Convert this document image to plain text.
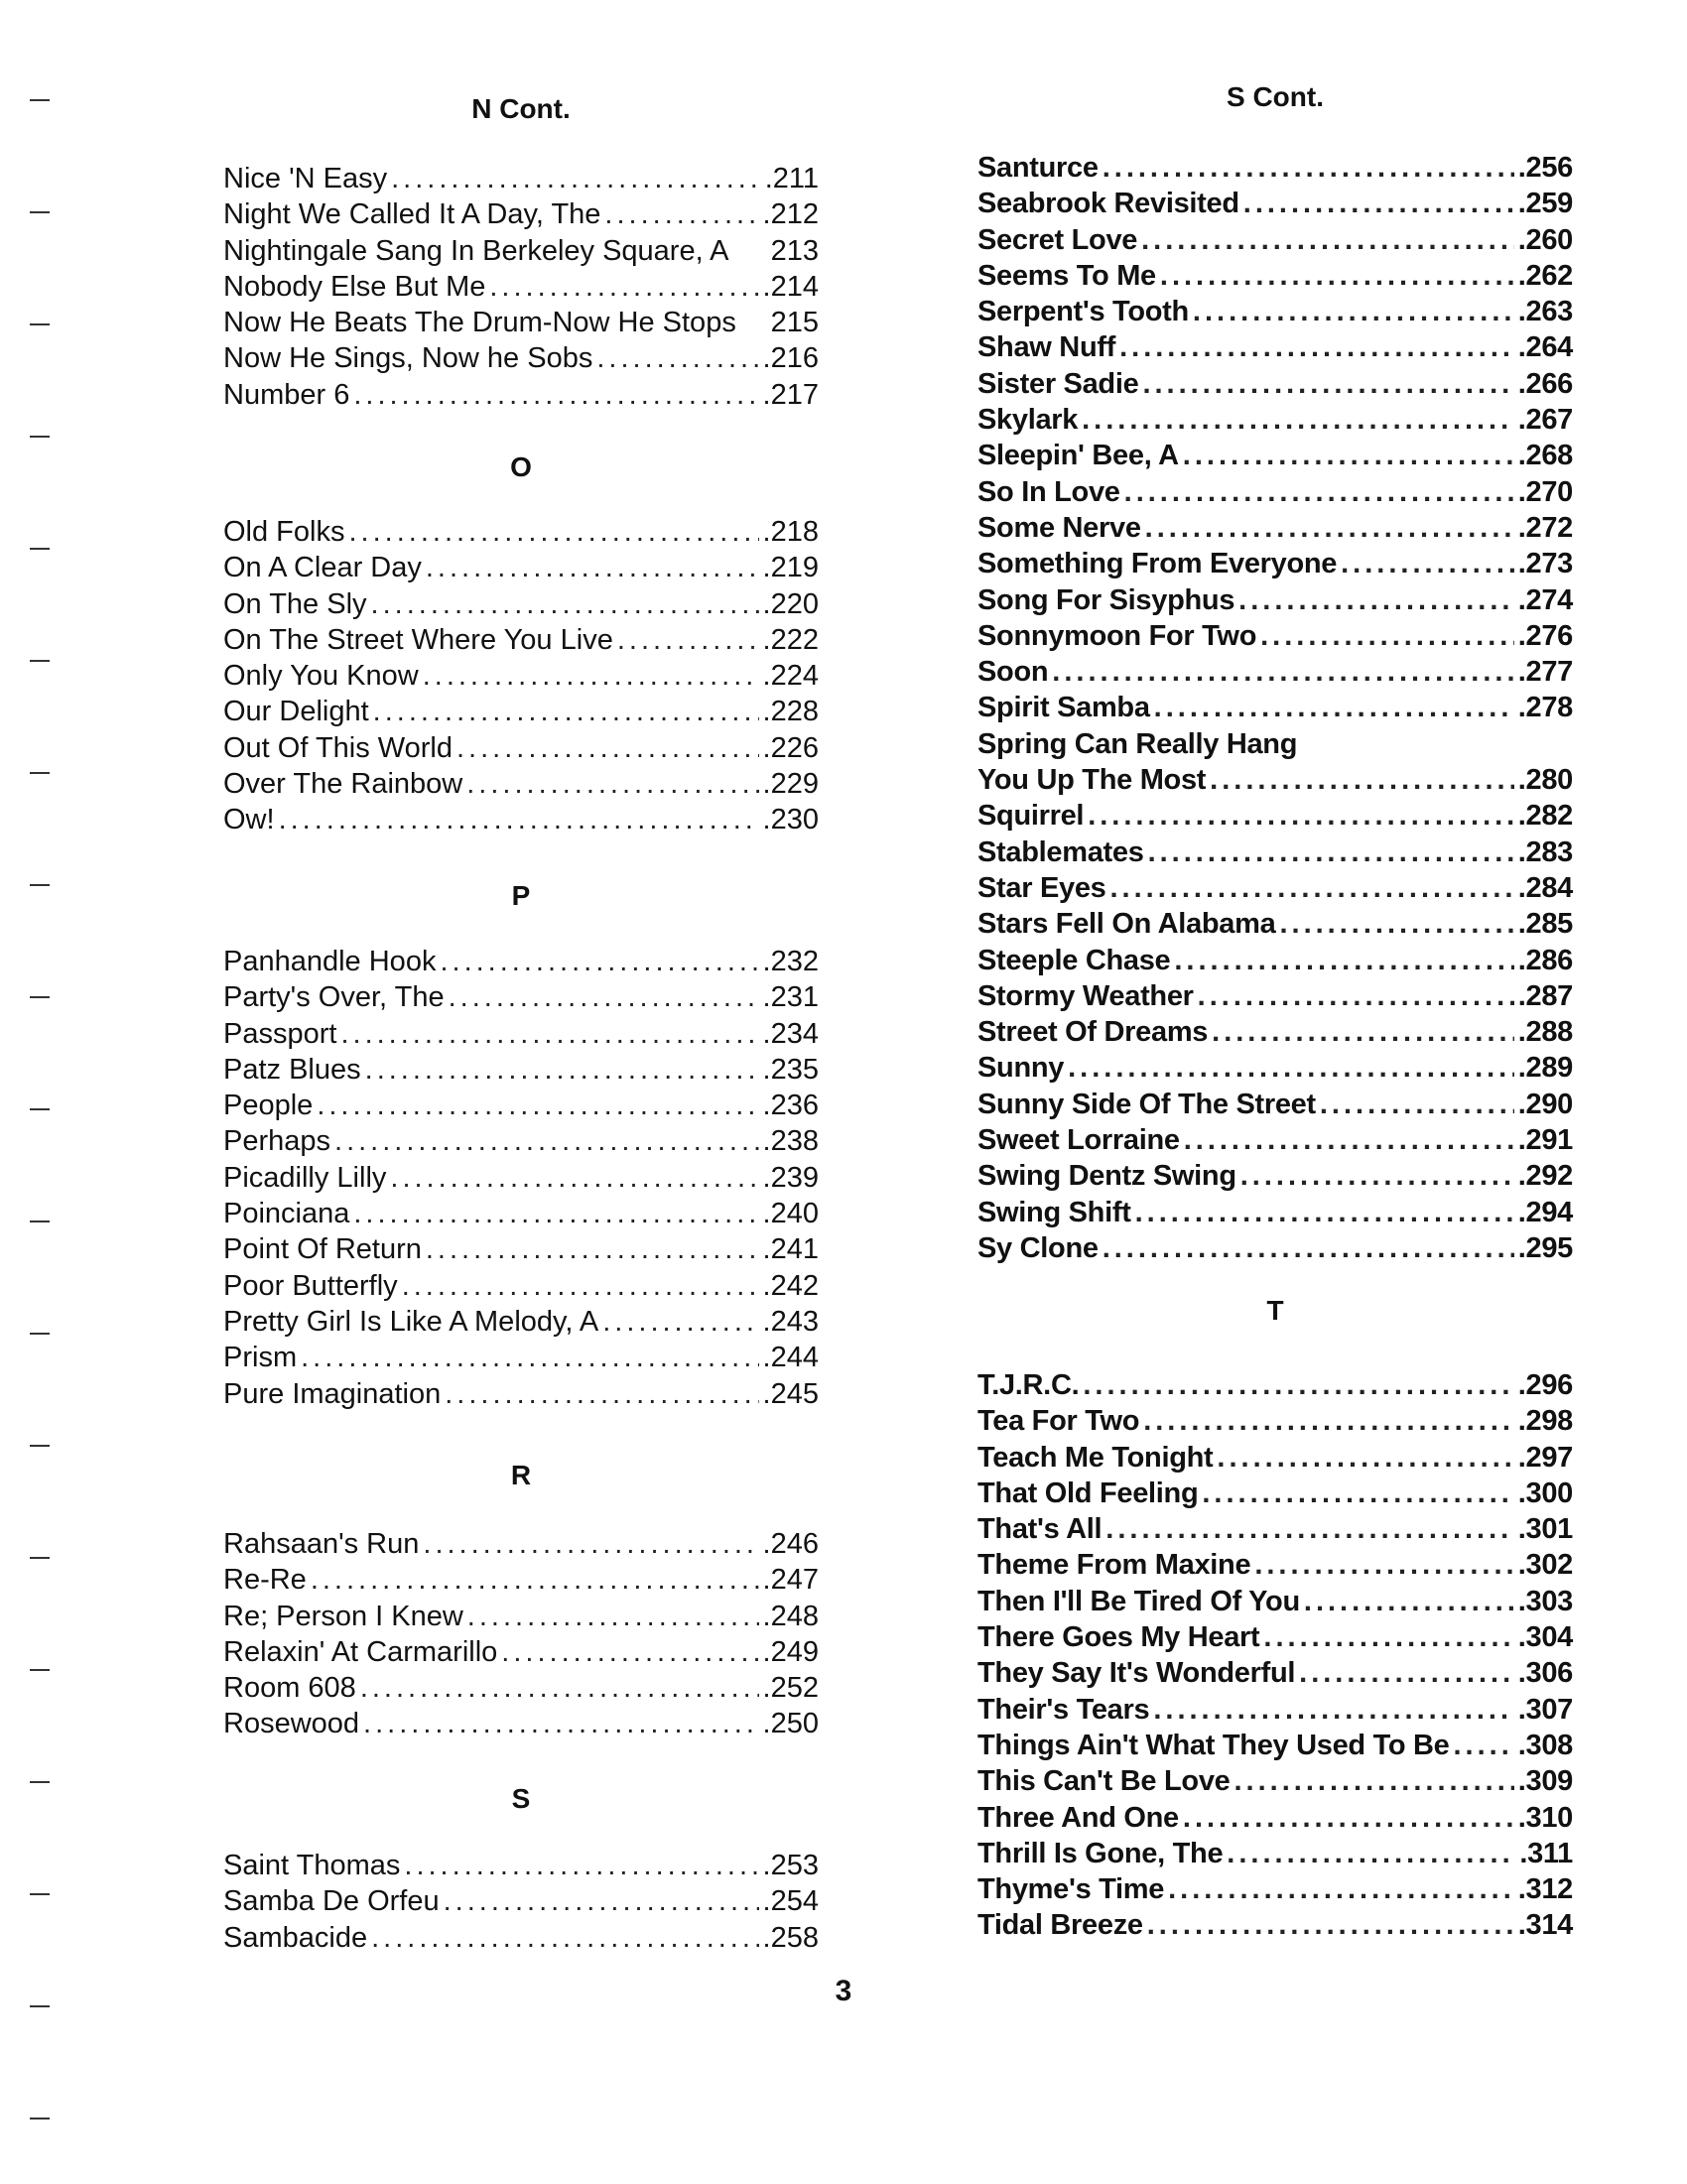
N Cont.
Nice 'N Easy .....	.211
Night We Called It A Day, The .....	.212
Nightingale Sang In Berkeley Square, A 213
Nobody Else But Me .....	.214
Now He Beats The Drum-Now He Stops 215
Now He Sings, Now he Sobs .....	.216
Number 6 .....	.217
O
Old Folks .....	.218
On A Clear Day .....	.219
On The Sly .....	.220
On The Street Where You Live .....	.222
Only You Know .....	.224
Our Delight .....	.228
Out Of This World .....	.226
Over The Rainbow .....	.229
Ow! .....	.230
P
Panhandle Hook .....	.232
Party's Over, The .....	.231
Passport .....	.234
Patz Blues .....	.235
People .....	.236
Perhaps .....	.238
Picadilly Lilly .....	.239
Poinciana .....	.240
Point Of Return .....	.241
Poor Butterfly .....	.242
Pretty Girl Is Like A Melody, A .....	.243
Prism .....	.244
Pure Imagination .....	.245
R
Rahsaan's Run .....	.246
Re-Re .....	.247
Re; Person I Knew .....	.248
Relaxin' At Carmarillo .....	.249
Room 608 .....	.252
Rosewood .....	.250
S
Saint Thomas .....	.253
Samba De Orfeu .....	.254
Sambacide .....	.258
S Cont.
Santurce .....	.256
Seabrook Revisited .....	.259
Secret Love .....	.260
Seems To Me .....	.262
Serpent's Tooth .....	.263
Shaw Nuff .....	.264
Sister Sadie .....	.266
Skylark .....	.267
Sleepin' Bee, A .....	.268
So In Love .....	.270
Some Nerve .....	.272
Something From Everyone .....	.273
Song For Sisyphus .....	.274
Sonnymoon For Two .....	.276
Soon .....	.277
Spirit Samba .....	.278
Spring Can Really Hang
You Up The Most .....	.280
Squirrel .....	.282
Stablemates .....	.283
Star Eyes .....	.284
Stars Fell On Alabama .....	.285
Steeple Chase .....	.286
Stormy Weather .....	.287
Street Of Dreams .....	.288
Sunny .....	.289
Sunny Side Of The Street .....	.290
Sweet Lorraine .....	.291
Swing Dentz Swing .....	.292
Swing Shift .....	.294
Sy Clone .....	.295
T
T.J.R.C. .....	.296
Tea For Two .....	.298
Teach Me Tonight .....	.297
That Old Feeling .....	.300
That's All .....	.301
Theme From Maxine .....	.302
Then I'll Be Tired Of You .....	.303
There Goes My Heart .....	.304
They Say It's Wonderful .....	.306
Their's Tears .....	.307
Things Ain't What They Used To Be ..... .308
This Can't Be Love .....	.309
Three And One .....	.310
Thrill Is Gone, The .....	.311
Thyme's Time .....	.312
Tidal Breeze .....	.314
3
